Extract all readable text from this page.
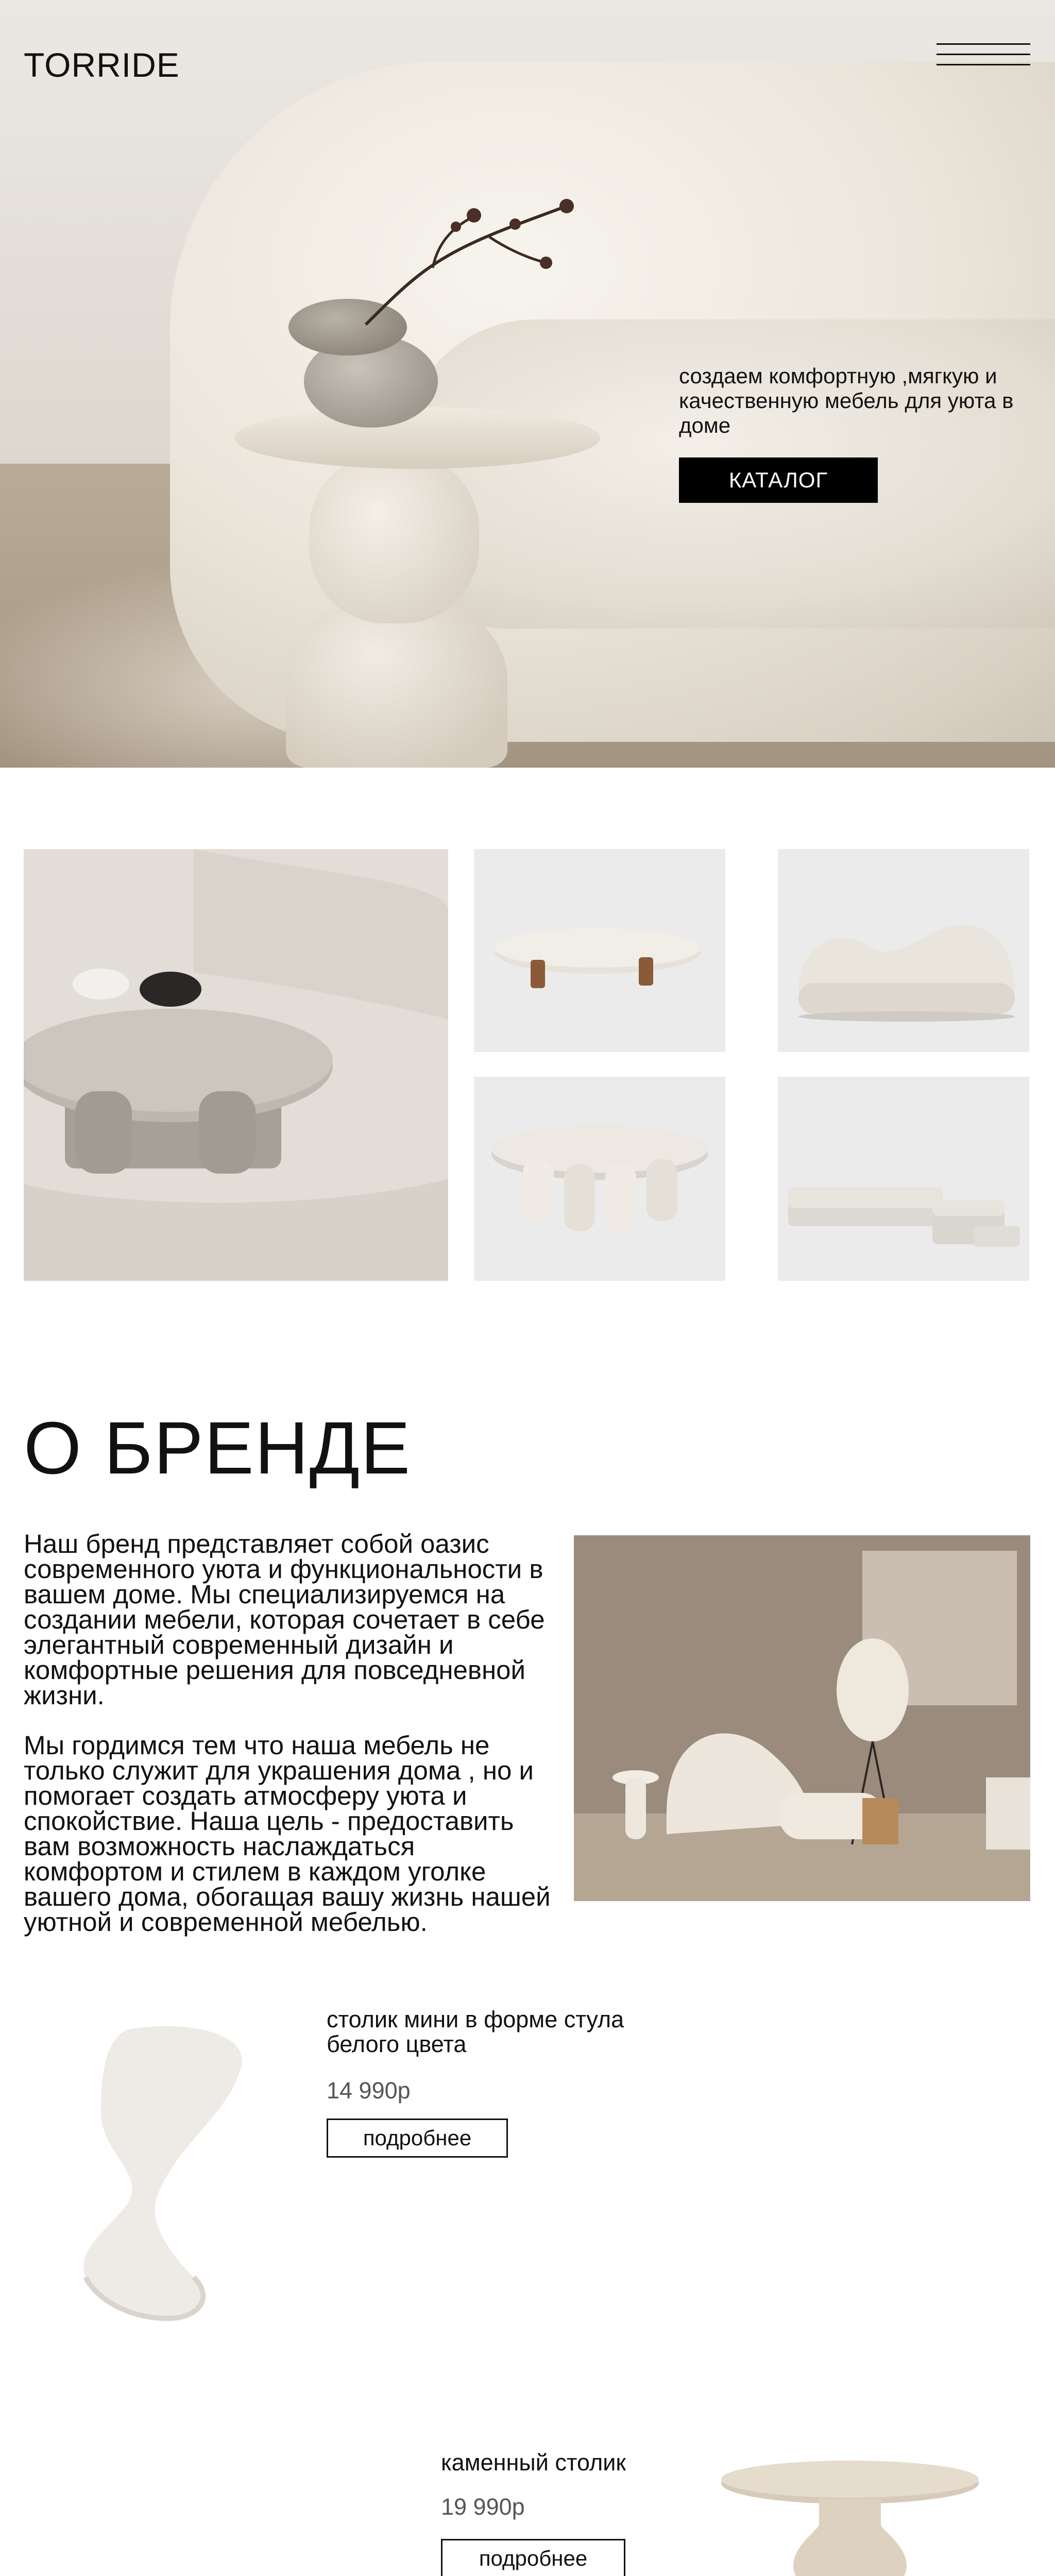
TORRIDE
создаем комфортную ,мягкую и качественную мебель для уюта в доме
КАТАЛОГ
О БРЕНДЕ

Наш бренд представляет собой оазис современного уюта и функциональности в вашем доме. Мы специализируемся на создании мебели, которая сочетает в себе элегантный современный дизайн и комфортные решения для повседневной жизни.

Мы гордимся тем что наша мебель не только служит для украшения дома , но и помогает создать атмосферу уюта и спокойствие. Наша цель - предоставить вам возможность наслаждаться комфортом и стилем в каждом уголке вашего дома, обогащая вашу жизнь нашей уютной и современной мебелью.

столик мини в форме стула белого цвета
14 990р
подробнее
каменный столик
19 990р
подробнее
